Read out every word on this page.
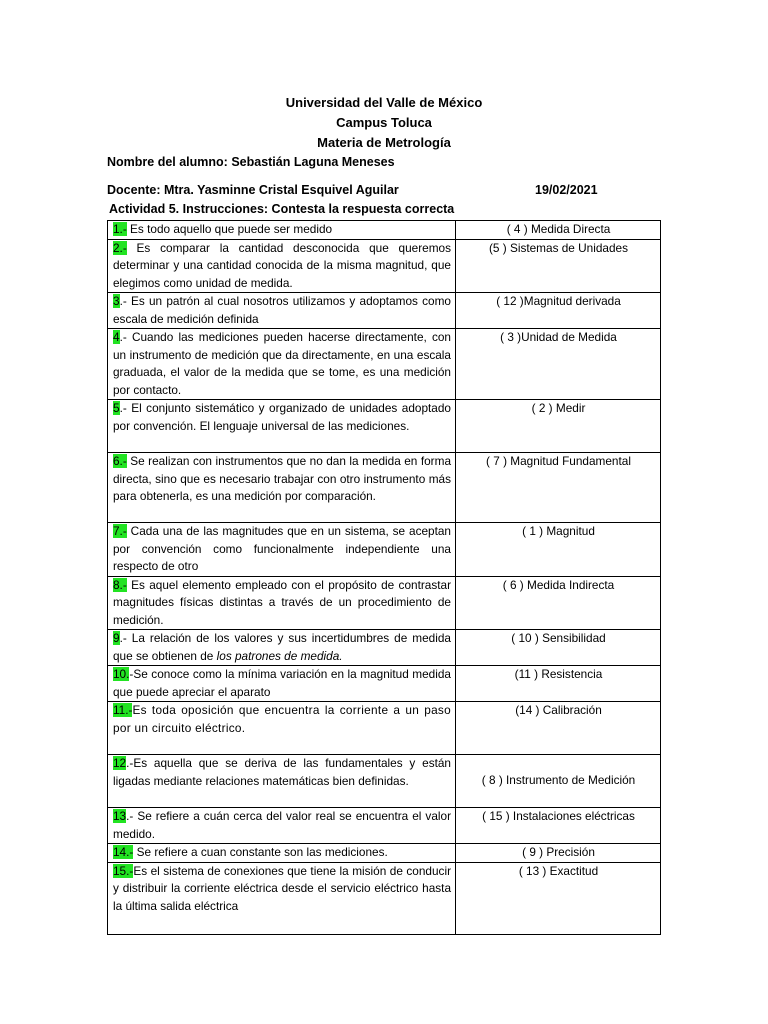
Universidad del Valle de México
Campus Toluca
Materia de Metrología
Nombre del alumno: Sebastián Laguna Meneses
Docente: Mtra. Yasminne Cristal Esquivel Aguilar	19/02/2021
Actividad 5. Instrucciones: Contesta la respuesta correcta
1.- Es todo aquello que puede ser medido	( 4 ) Medida Directa
2.- Es comparar la cantidad desconocida que queremos determinar y una cantidad conocida de la misma magnitud, que elegimos como unidad de medida.	(5 ) Sistemas de Unidades
3.- Es un patrón al cual nosotros utilizamos y adoptamos como escala de medición definida	( 12 )Magnitud derivada
4.- Cuando las mediciones pueden hacerse directamente, con un instrumento de medición que da directamente, en una escala graduada, el valor de la medida que se tome, es una medición por contacto.	( 3 )Unidad de Medida
5.- El conjunto sistemático y organizado de unidades adoptado por convención. El lenguaje universal de las mediciones.	( 2 ) Medir
6.- Se realizan con instrumentos que no dan la medida en forma directa, sino que es necesario trabajar con otro instrumento más para obtenerla, es una medición por comparación.	( 7 ) Magnitud Fundamental
7.- Cada una de las magnitudes que en un sistema, se aceptan por convención como funcionalmente independiente una respecto de otro	( 1 ) Magnitud
8.- Es aquel elemento empleado con el propósito de contrastar magnitudes físicas distintas a través de un procedimiento de medición.	( 6 ) Medida Indirecta
9.- La relación de los valores y sus incertidumbres de medida que se obtienen de los patrones de medida.	( 10 ) Sensibilidad
10.-Se conoce como la mínima variación en la magnitud medida que puede apreciar el aparato	(11 ) Resistencia
11.-Es toda oposición que encuentra la corriente a un paso por un circuito eléctrico.	(14 ) Calibración
12.-Es aquella que se deriva de las fundamentales y están ligadas mediante relaciones matemáticas bien definidas.	( 8 ) Instrumento de Medición
13.- Se refiere a cuán cerca del valor real se encuentra el valor medido.	( 15 ) Instalaciones eléctricas
14.- Se refiere a cuan constante son las mediciones.	( 9 ) Precisión
15.-Es el sistema de conexiones que tiene la misión de conducir y distribuir la corriente eléctrica desde el servicio eléctrico hasta la última salida eléctrica	( 13 ) Exactitud
